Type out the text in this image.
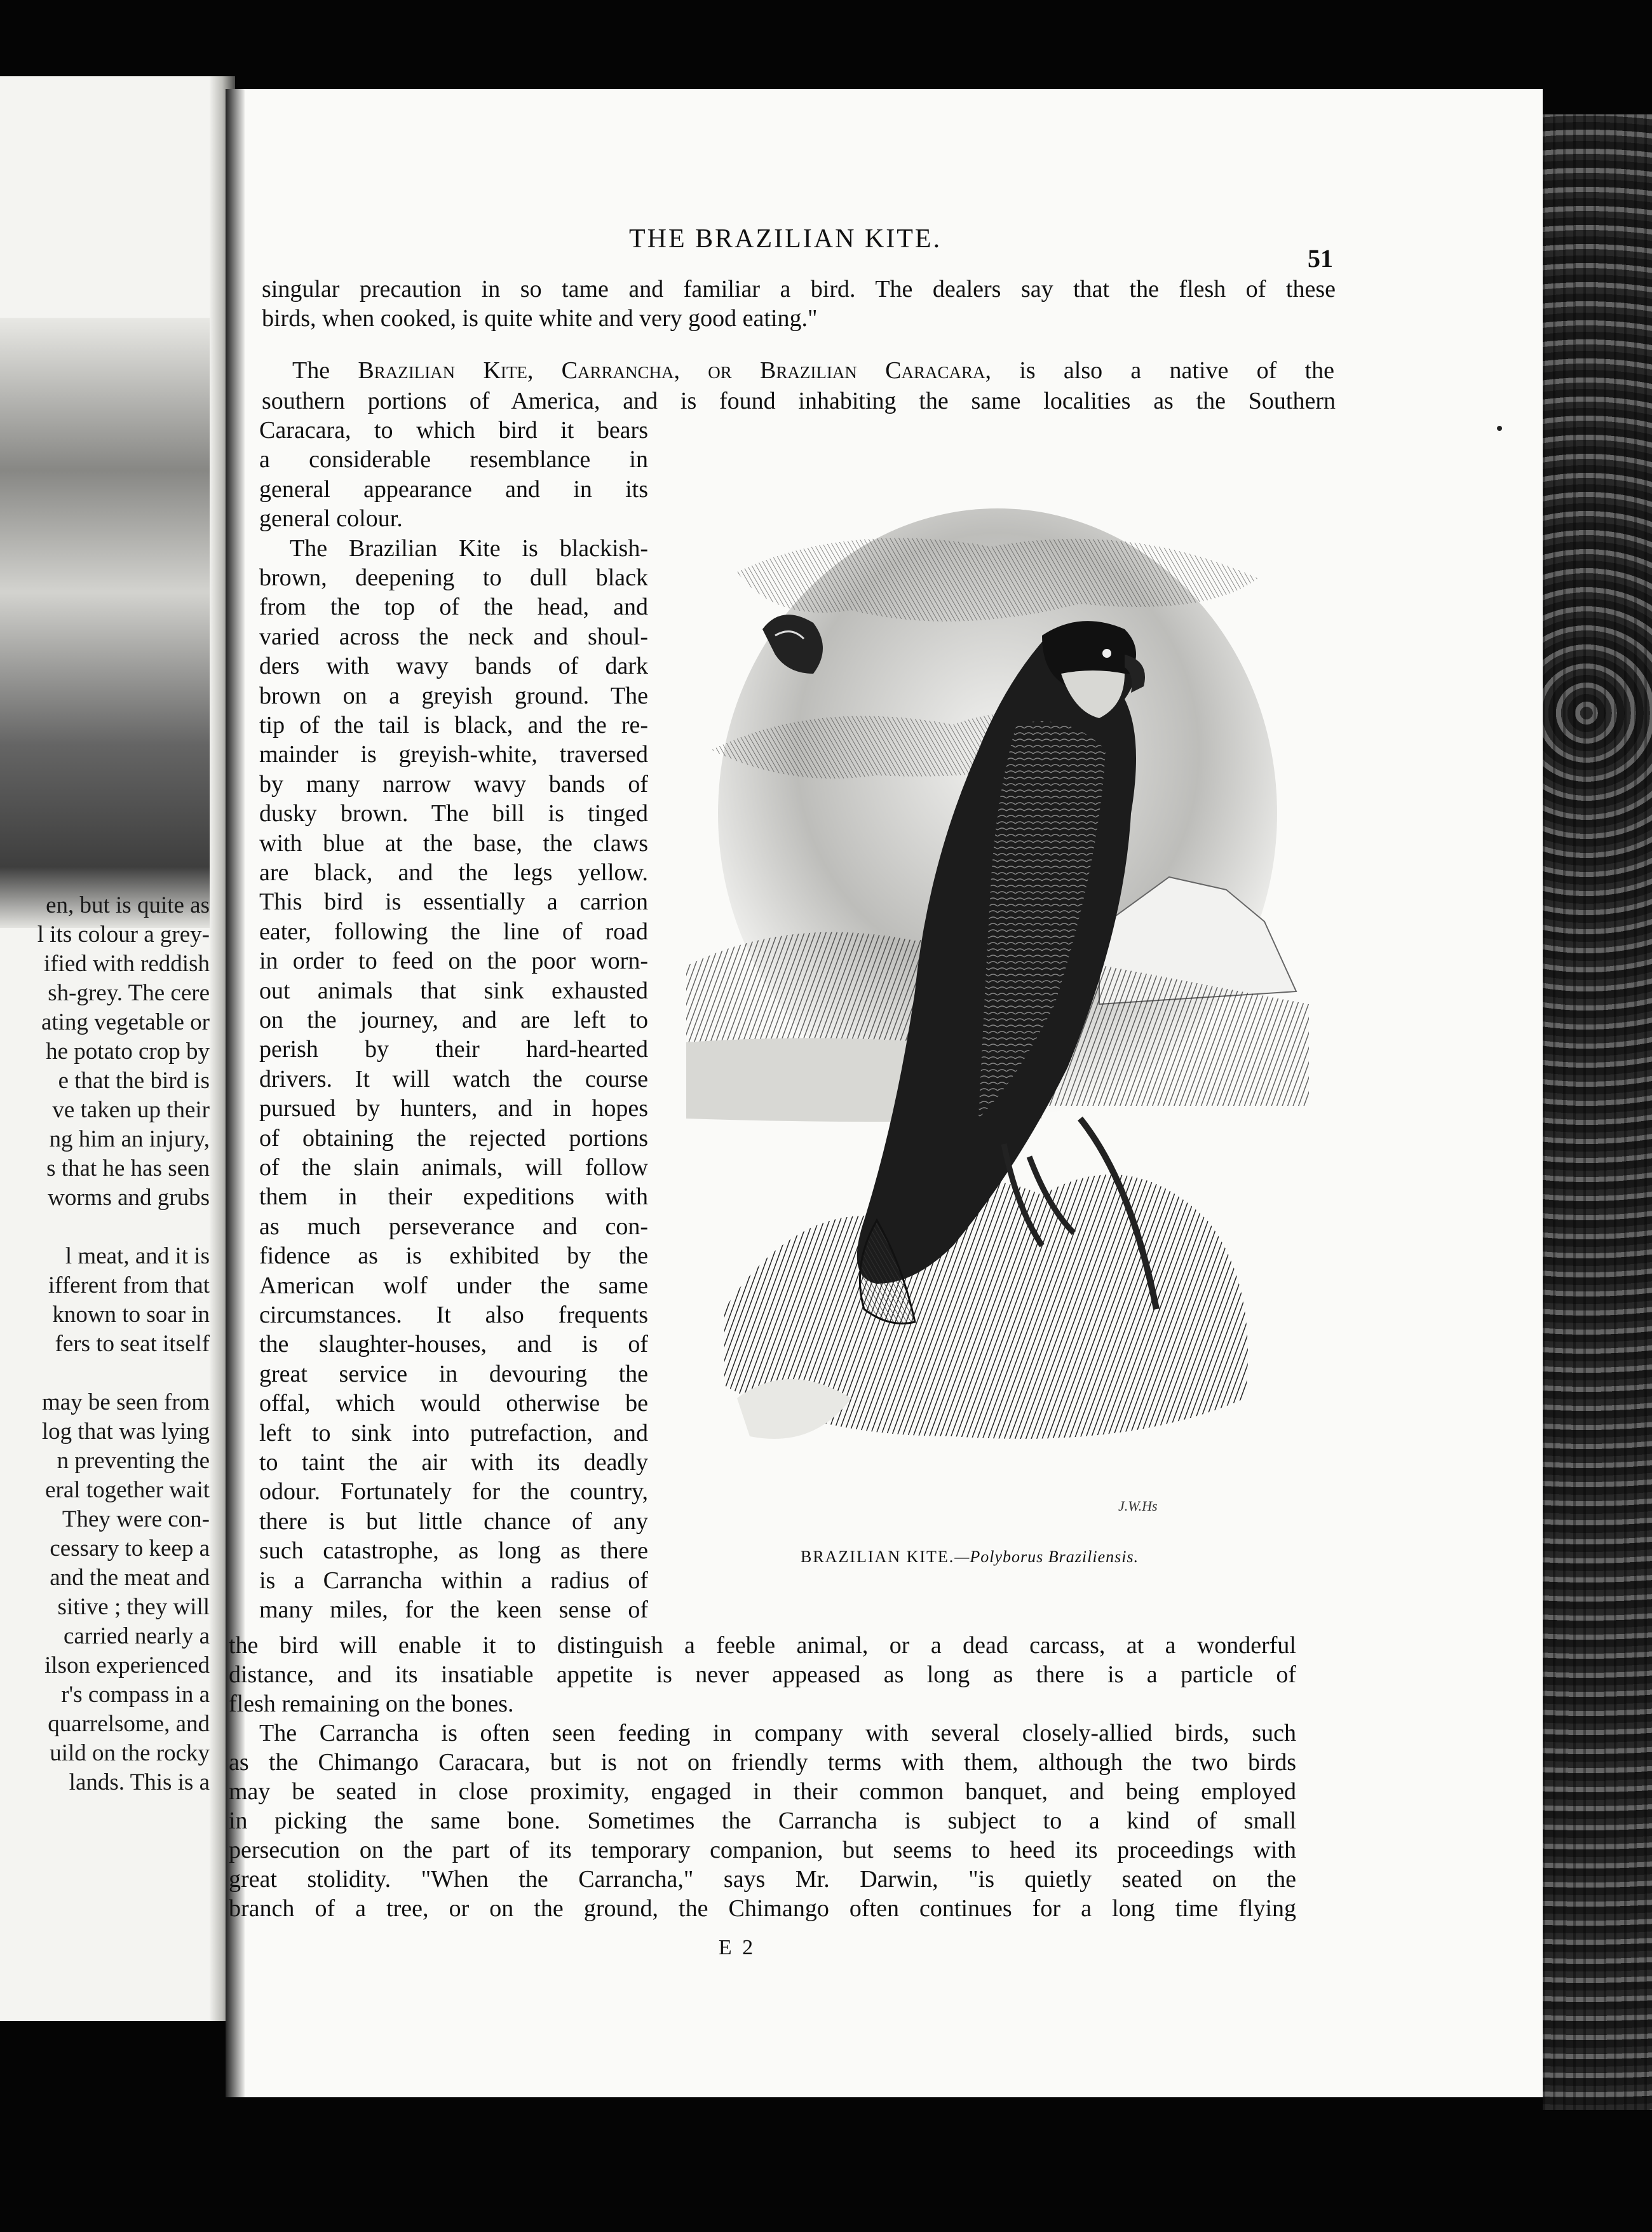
en, but is quite as
l its colour a grey-
ified with reddish
sh-grey. The cere
ating vegetable or
he potato crop by
e that the bird is
ve taken up their
ng him an injury,
s that he has seen
worms and grubs
l meat, and it is
ifferent from that
known to soar in
fers to seat itself
may be seen from
log that was lying
n preventing the
eral together wait
They were con-
cessary to keep a
and the meat and
sitive ; they will
carried nearly a
ilson experienced
r's compass in a
quarrelsome, and
uild on the rocky
lands. This is a
THE BRAZILIAN KITE.
51
singular precaution in so tame and familiar a bird. The dealers say that the flesh of these
birds, when cooked, is quite white and very good eating."
The Brazilian Kite, Carrancha, or Brazilian Caracara, is also a native of the
southern portions of America, and is found inhabiting the same localities as the Southern
Caracara, to which bird it bears
a considerable resemblance in
general appearance and in its
general colour.
The Brazilian Kite is blackish-
brown, deepening to dull black
from the top of the head, and
varied across the neck and shoul-
ders with wavy bands of dark
brown on a greyish ground. The
tip of the tail is black, and the re-
mainder is greyish-white, traversed
by many narrow wavy bands of
dusky brown. The bill is tinged
with blue at the base, the claws
are black, and the legs yellow.
This bird is essentially a carrion
eater, following the line of road
in order to feed on the poor worn-
out animals that sink exhausted
on the journey, and are left to
perish by their hard-hearted
drivers. It will watch the course
pursued by hunters, and in hopes
of obtaining the rejected portions
of the slain animals, will follow
them in their expeditions with
as much perseverance and con-
fidence as is exhibited by the
American wolf under the same
circumstances. It also frequents
the slaughter-houses, and is of
great service in devouring the
offal, which would otherwise be
left to sink into putrefaction, and
to taint the air with its deadly
odour. Fortunately for the country,
there is but little chance of any
such catastrophe, as long as there
is a Carrancha within a radius of
many miles, for the keen sense of
the bird will enable it to distinguish a feeble animal, or a dead carcass, at a wonderful
distance, and its insatiable appetite is never appeased as long as there is a particle of
flesh remaining on the bones.
The Carrancha is often seen feeding in company with several closely-allied birds, such
as the Chimango Caracara, but is not on friendly terms with them, although the two birds
may be seated in close proximity, engaged in their common banquet, and being employed
in picking the same bone. Sometimes the Carrancha is subject to a kind of small
persecution on the part of its temporary companion, but seems to heed its proceedings with
great stolidity. "When the Carrancha," says Mr. Darwin, "is quietly seated on the
branch of a tree, or on the ground, the Chimango often continues for a long time flying
J.W.Hs
BRAZILIAN KITE.—Polyborus Braziliensis.
E 2
